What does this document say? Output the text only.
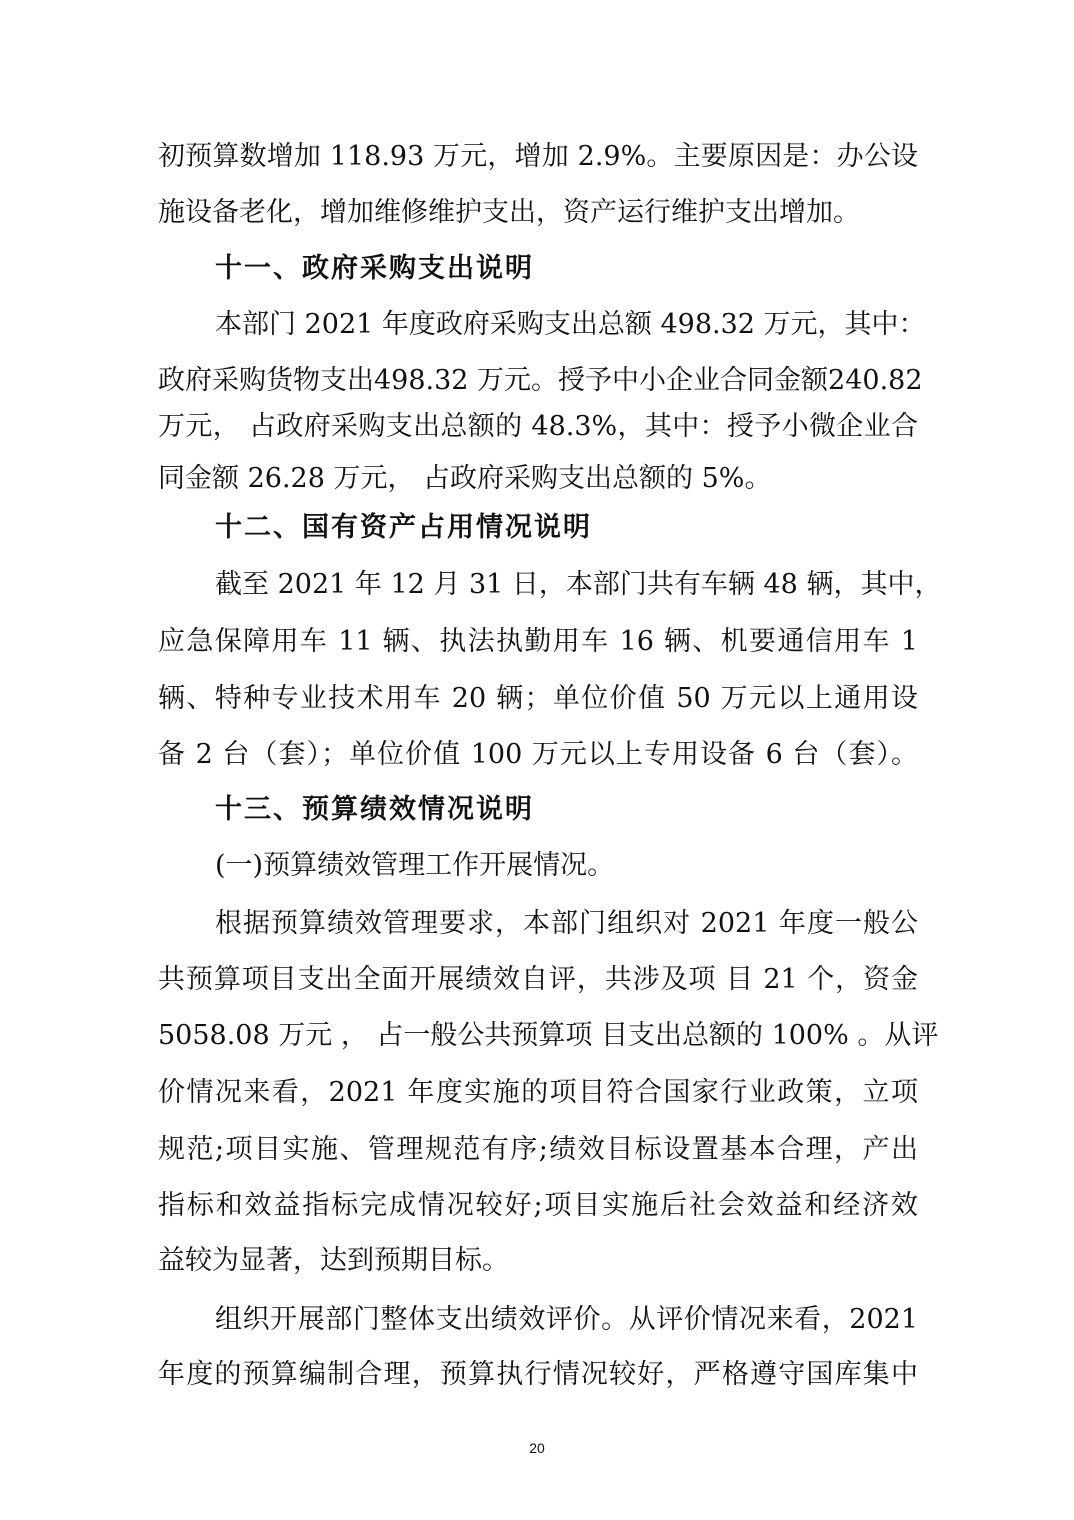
初预算数增加 118.93 万元，增加 2.9%。主要原因是：办公设
施设备老化，增加维修维护支出，资产运行维护支出增加。
十一、政府采购支出说明
本部门 2021 年度政府采购支出总额 498.32 万元，其中：
政府采购货物支出498.32 万元。授予中小企业合同金额240.82
万元， 占政府采购支出总额的 48.3%，其中：授予小微企业合
同金额 26.28 万元， 占政府采购支出总额的 5%。
十二、国有资产占用情况说明
截至 2021 年 12 月 31 日，本部门共有车辆 48 辆，其中，
应急保障用车 11 辆、执法执勤用车 16 辆、机要通信用车 1
辆、特种专业技术用车 20 辆；单位价值 50 万元以上通用设
备 2 台（套）；单位价值 100 万元以上专用设备 6 台（套）。
十三、预算绩效情况说明
(一)预算绩效管理工作开展情况。
根据预算绩效管理要求，本部门组织对 2021 年度一般公
共预算项目支出全面开展绩效自评，共涉及项 目 21 个，资金
5058.08 万元 ， 占一般公共预算项 目支出总额的 100% 。从评
价情况来看，2021 年度实施的项目符合国家行业政策，立项
规范;项目实施、管理规范有序;绩效目标设置基本合理，产出
指标和效益指标完成情况较好;项目实施后社会效益和经济效
益较为显著，达到预期目标。
组织开展部门整体支出绩效评价。从评价情况来看，2021
年度的预算编制合理，预算执行情况较好，严格遵守国库集中
20
